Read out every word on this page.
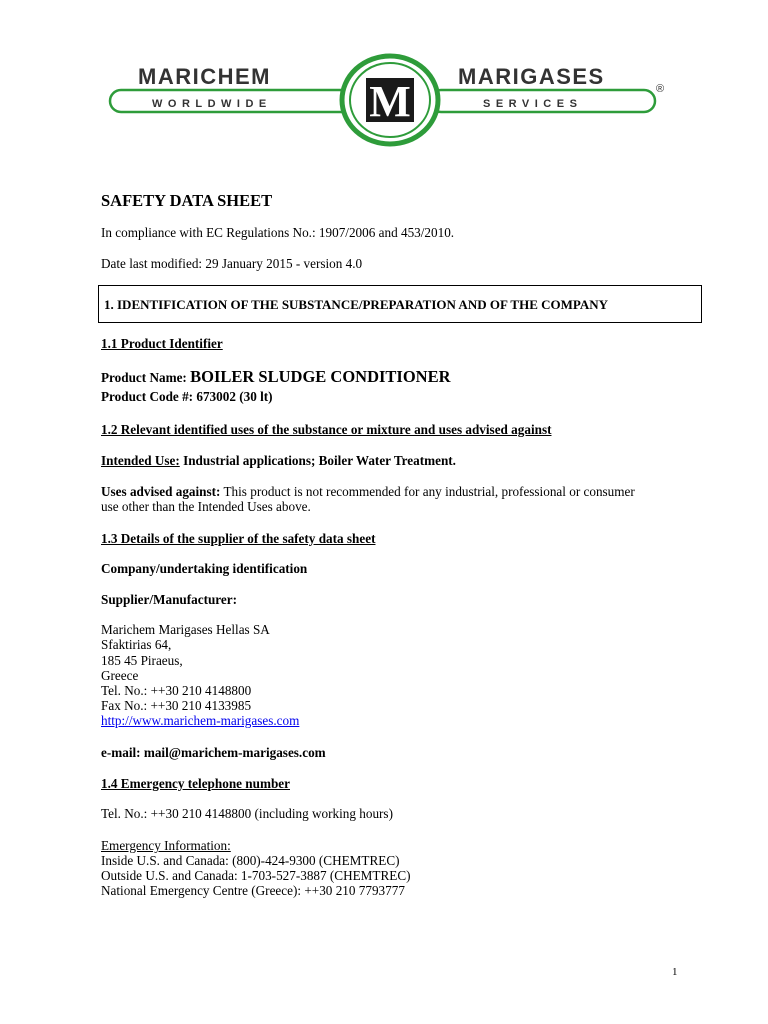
MARICHEM
WORLDWIDE
MARIGASES
SERVICES
®
M
SAFETY DATA SHEET
In compliance with EC Regulations No.: 1907/2006 and 453/2010.
Date last modified: 29 January 2015 - version 4.0
1. IDENTIFICATION OF THE SUBSTANCE/PREPARATION AND OF THE COMPANY
1.1 Product Identifier
Product Name: BOILER SLUDGE CONDITIONER
Product Code #: 673002 (30 lt)
1.2 Relevant identified uses of the substance or mixture and uses advised against
Intended Use: Industrial applications; Boiler Water Treatment.
Uses advised against: This product is not recommended for any industrial, professional or consumer
use other than the Intended Uses above.
1.3 Details of the supplier of the safety data sheet
Company/undertaking identification
Supplier/Manufacturer:
Marichem Marigases Hellas SA
Sfaktirias 64,
185 45 Piraeus,
Greece
Tel. No.: ++30 210 4148800
Fax No.: ++30 210 4133985
http://www.marichem-marigases.com
e-mail: mail@marichem-marigases.com
1.4 Emergency telephone number
Tel. No.: ++30 210 4148800 (including working hours)
Emergency Information:
Inside U.S. and Canada: (800)-424-9300 (CHEMTREC)
Outside U.S. and Canada: 1-703-527-3887 (CHEMTREC)
National Emergency Centre (Greece): ++30 210 7793777
1
